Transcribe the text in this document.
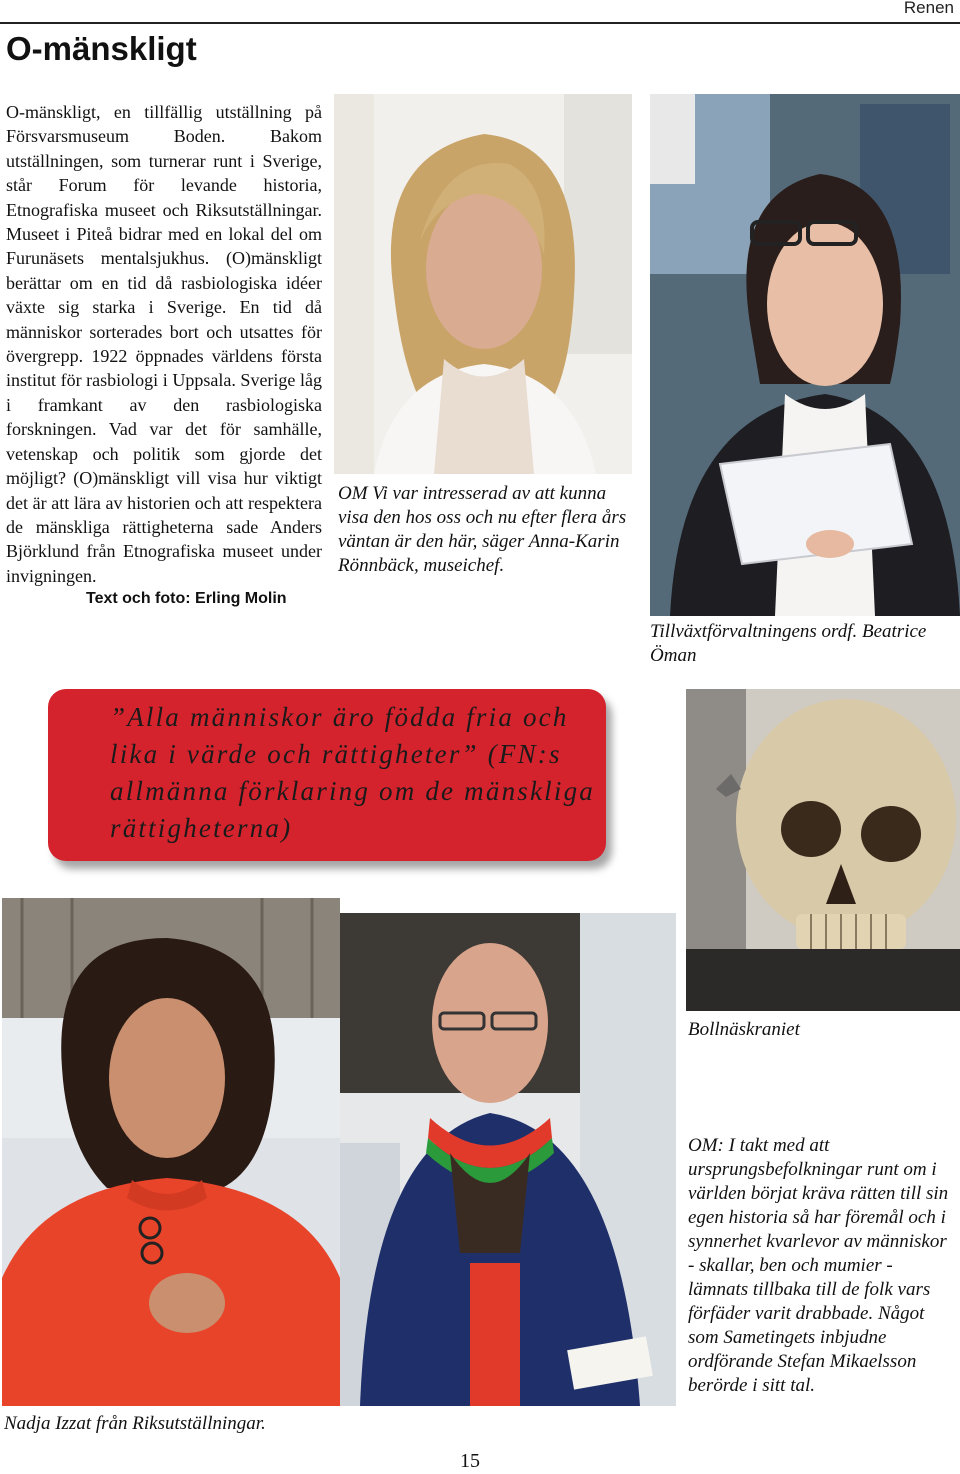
Renen
O-mänskligt
O-mänskligt, en tillfällig utställning på Försvarsmuseum Boden. Bakom utställningen, som turnerar runt i Sverige, står Forum för levande historia, Etnografiska museet och Riksutställningar. Museet i Piteå bidrar med en lokal del om Furunäsets mentalsjukhus. (O)mänskligt berättar om en tid då rasbiologiska idéer växte sig starka i Sverige. En tid då människor sorterades bort och utsattes för övergrepp. 1922 öppnades världens första institut för rasbiologi i Uppsala. Sverige låg i framkant av den rasbiologiska forskningen. Vad var det för samhälle, vetenskap och politik som gjorde det möjligt? (O)mänskligt vill visa hur viktigt det är att lära av historien och att respektera de mänskliga rättigheterna sade Anders Björklund från Etnografiska museet under invigningen.
Text och foto: Erling Molin
OM Vi var intresserad av att kunna visa den hos oss och nu efter flera års väntan är den här, säger Anna-Karin Rönnbäck, museichef.
Tillväxtförvaltningens ordf. Beatrice Öman
”Alla människor äro födda fria och lika i värde och rättigheter” (FN:s allmänna förklaring om de mänskliga rättigheterna)
Bollnäskraniet
Nadja Izzat från Riksutställningar.
OM: I takt med att ursprungsbefolkningar runt om i världen börjat kräva rätten till sin egen historia så har föremål och i synnerhet kvarlevor av människor - skallar, ben och mumier - lämnats tillbaka till de folk vars förfäder varit drabbade. Något som Sametingets inbjudne ordförande Stefan Mikaelsson berörde i sitt tal.
15
